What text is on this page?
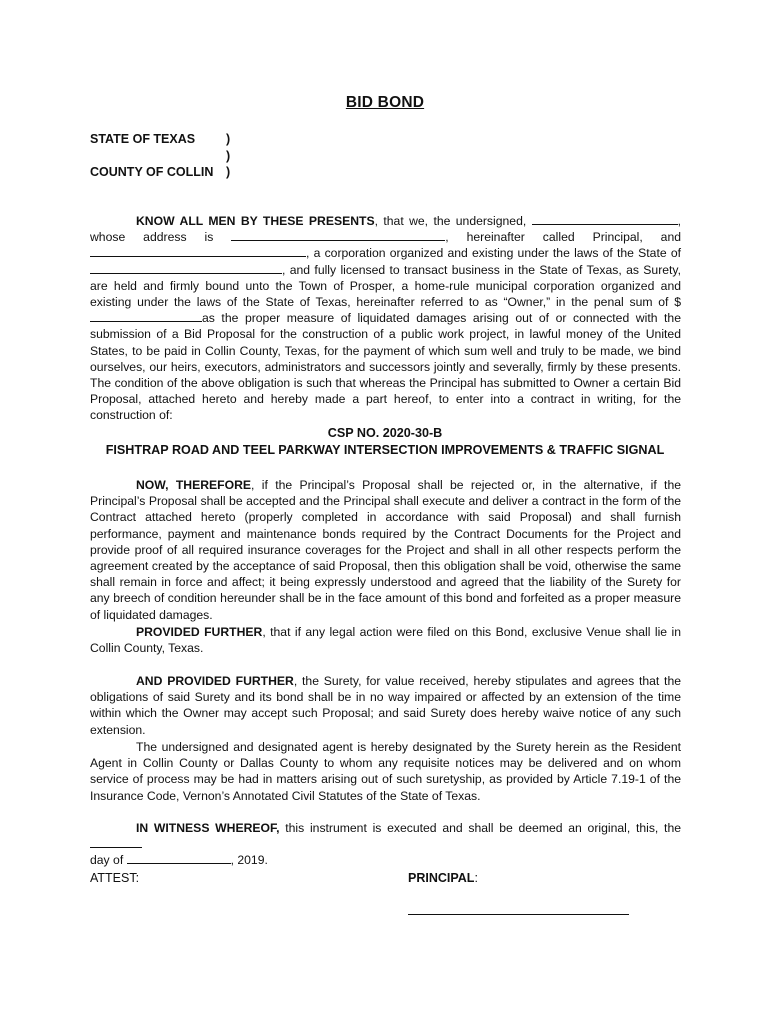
BID BOND
STATE OF TEXAS )
)
COUNTY OF COLLIN )

KNOW ALL MEN BY THESE PRESENTS, that we, the undersigned,	, whose address is	, hereinafter called Principal, and , a corporation organized and existing under the laws of the State of , and fully licensed to transact business in the State of Texas, as Surety, are held and firmly bound unto the Town of Prosper, a home-rule municipal corporation organized and existing under the laws of the State of Texas, hereinafter referred to as “Owner,” in the penal sum of $as the proper measure of liquidated damages arising out of or connected with the submission of a Bid Proposal for the construction of a public work project, in lawful money of the United States, to be paid in Collin County, Texas, for the payment of which sum well and truly to be made, we bind ourselves, our heirs, executors, administrators and successors jointly and severally, firmly by these presents. The condition of the above obligation is such that whereas the Principal has submitted to Owner a certain Bid Proposal, attached hereto and hereby made a part hereof, to enter into a contract in writing, for the construction of:

CSP NO. 2020-30-B
FISHTRAP ROAD AND TEEL PARKWAY INTERSECTION IMPROVEMENTS & TRAFFIC SIGNAL

NOW, THEREFORE, if the Principal’s Proposal shall be rejected or, in the alternative, if the Principal’s Proposal shall be accepted and the Principal shall execute and deliver a contract in the form of the Contract attached hereto (properly completed in accordance with said Proposal) and shall furnish performance, payment and maintenance bonds required by the Contract Documents for the Project and provide proof of all required insurance coverages for the Project and shall in all other respects perform the agreement created by the acceptance of said Proposal, then this obligation shall be void, otherwise the same shall remain in force and affect; it being expressly understood and agreed that the liability of the Surety for any breech of condition hereunder shall be in the face amount of this bond and forfeited as a proper measure of liquidated damages.

PROVIDED FURTHER, that if any legal action were filed on this Bond, exclusive Venue shall lie in Collin County, Texas.

AND PROVIDED FURTHER, the Surety, for value received, hereby stipulates and agrees that the obligations of said Surety and its bond shall be in no way impaired or affected by an extension of the time within which the Owner may accept such Proposal; and said Surety does hereby waive notice of any such extension.

The undersigned and designated agent is hereby designated by the Surety herein as the Resident Agent in Collin County or Dallas County to whom any requisite notices may be delivered and on whom service of process may be had in matters arising out of such suretyship, as provided by Article 7.19-1 of the Insurance Code, Vernon’s Annotated Civil Statutes of the State of Texas.

IN WITNESS WHEREOF, this instrument is executed and shall be deemed an original, this, the
day of	, 2019.

ATTEST:	PRINCIPAL:
